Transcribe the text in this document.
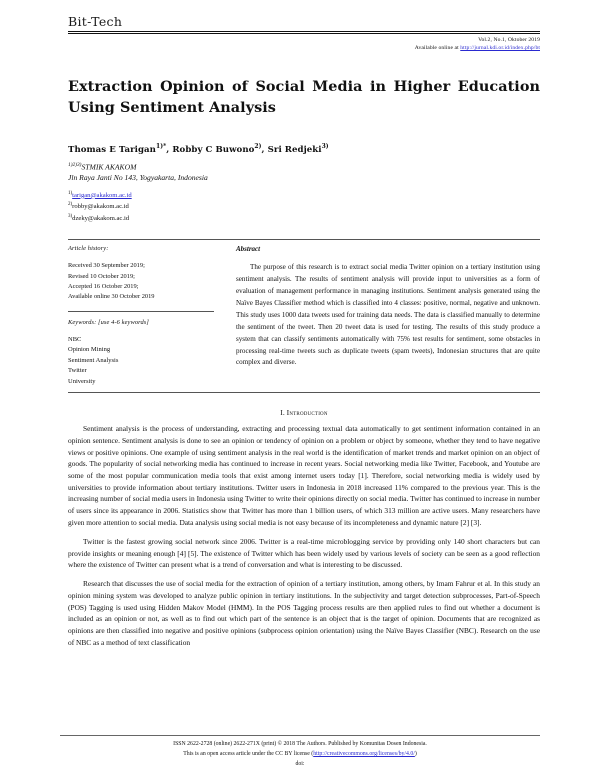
Bit-Tech
Vol.2, No.1, Oktober 2019
Available online at http://jurnal.kdi.or.id/index.php/bt
Extraction Opinion of Social Media in Higher Education Using Sentiment Analysis
Thomas E Tarigan$^{1)*}$, Robby C Buwono$^{2)}$, Sri Redjeki$^{3)}$
$^{1)2)3)}$STMIK AKAKOM
Jln Raya Janti No 143, Yogyakarta, Indonesia
$^{1)}$tarigan@akakom.ac.id
$^{2)}$robby@akakom.ac.id
$^{3)}$dzeky@akakom.ac.id
Article history:
Received 30 September 2019;
Revised 10 October 2019;
Accepted 16 October 2019;
Available online 30 October 2019
Keywords: [use 4-6 keywords]
NBC
Opinion Mining
Sentiment Analysis
Twitter
University
Abstract
The purpose of this research is to extract social media Twitter opinion on a tertiary institution using sentiment analysis. The results of sentiment analysis will provide input to universities as a form of evaluation of management performance in managing institutions. Sentiment analysis generated using the Naïve Bayes Classifier method which is classified into 4 classes: positive, normal, negative and unknown. This study uses 1000 data tweets used for training data needs. The data is classified manually to determine the sentiment of the tweet. Then 20 tweet data is used for testing. The results of this study produce a system that can classify sentiments automatically with 75% test results for sentiment, some obstacles in processing real-time tweets such as duplicate tweets (spam tweets), Indonesian structures that are quite complex and diverse.
I. Introduction

Sentiment analysis is the process of understanding, extracting and processing textual data automatically to get sentiment information contained in an opinion sentence. Sentiment analysis is done to see an opinion or tendency of opinion on a problem or object by someone, whether they tend to have negative views or positive opinions. One example of using sentiment analysis in the real world is the identification of market trends and market opinion on an object of goods. The popularity of social networking media has continued to increase in recent years. Social networking media like Twitter, Facebook, and Youtube are some of the most popular communication media tools that exist among internet users today [1]. Therefore, social networking media is widely used by universities to provide information about tertiary institutions. Twitter users in Indonesia in 2018 increased 11% compared to the previous year. This is the increasing number of social media users in Indonesia using Twitter to write their opinions directly on social media. Twitter has continued to increase in number of users since its appearance in 2006. Statistics show that Twitter has more than 1 billion users, of which 313 million are active users. Many researchers have given more attention to social media. Data analysis using social media is not easy because of its incompleteness and dynamic nature [2] [3].

Twitter is the fastest growing social network since 2006. Twitter is a real-time microblogging service by providing only 140 short characters but can provide insights or meaning enough [4] [5]. The existence of Twitter which has been widely used by various levels of society can be seen as a good reflection where the existence of Twitter can present what is a trend of conversation and what is interesting to be discussed.

Research that discusses the use of social media for the extraction of opinion of a tertiary institution, among others, by Imam Fahrur et al. In this study an opinion mining system was developed to analyze public opinion in tertiary institutions. In the subjectivity and target detection subprocesses, Part-of-Speech (POS) Tagging is used using Hidden Makov Model (HMM). In the POS Tagging process results are then applied rules to find out whether a document is included as an opinion or not, as well as to find out which part of the sentence is an object that is the target of opinion. Documents that are recognized as opinions are then classified into negative and positive opinions (subprocess opinion orientation) using the Naïve Bayes Classifier (NBC). Research on the use of NBC as a method of text classification

ISSN 2622-2728 (online) 2622-271X (print) © 2018 The Authors. Published by Komunitas Dosen Indonesia.
This is an open access article under the CC BY license (http://creativecommons.org/licenses/by/4.0/)
doi:
